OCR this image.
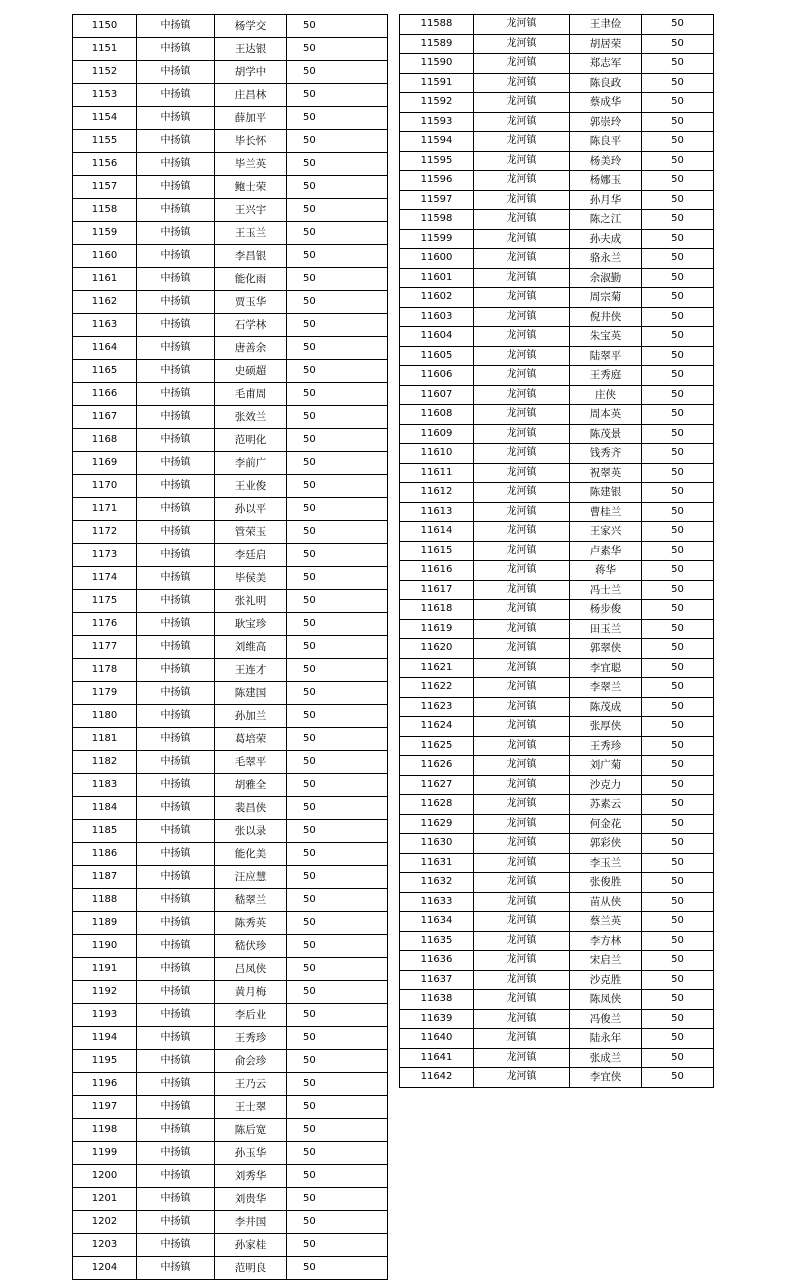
1150	中扬镇	杨学交	50
1151	中扬镇	王达银	50
1152	中扬镇	胡学中	50
1153	中扬镇	庄昌林	50
1154	中扬镇	薛加平	50
1155	中扬镇	毕长怀	50
1156	中扬镇	毕兰英	50
1157	中扬镇	鲍士荣	50
1158	中扬镇	王兴宇	50
1159	中扬镇	王玉兰	50
1160	中扬镇	李昌银	50
1161	中扬镇	能化雨	50
1162	中扬镇	贾玉华	50
1163	中扬镇	石学林	50
1164	中扬镇	唐善余	50
1165	中扬镇	史硕超	50
1166	中扬镇	毛甫周	50
1167	中扬镇	张效兰	50
1168	中扬镇	范明化	50
1169	中扬镇	李前广	50
1170	中扬镇	王业俊	50
1171	中扬镇	孙以平	50
1172	中扬镇	管荣玉	50
1173	中扬镇	李廷启	50
1174	中扬镇	毕侯美	50
1175	中扬镇	张礼明	50
1176	中扬镇	耿宝珍	50
1177	中扬镇	刘维高	50
1178	中扬镇	王连才	50
1179	中扬镇	陈建国	50
1180	中扬镇	孙加兰	50
1181	中扬镇	葛培荣	50
1182	中扬镇	毛翠平	50
1183	中扬镇	胡雅全	50
1184	中扬镇	裴昌侠	50
1185	中扬镇	张以录	50
1186	中扬镇	能化美	50
1187	中扬镇	汪应慧	50
1188	中扬镇	嵇翠兰	50
1189	中扬镇	陈秀英	50
1190	中扬镇	嵇伏珍	50
1191	中扬镇	吕凤侠	50
1192	中扬镇	黄月梅	50
1193	中扬镇	李后业	50
1194	中扬镇	王秀珍	50
1195	中扬镇	俞会珍	50
1196	中扬镇	王乃云	50
1197	中扬镇	王士翠	50
1198	中扬镇	陈后宽	50
1199	中扬镇	孙玉华	50
1200	中扬镇	刘秀华	50
1201	中扬镇	刘贵华	50
1202	中扬镇	李井国	50
1203	中扬镇	孙家桂	50
1204	中扬镇	范明良	50
11588	龙河镇	王聿俭	50
11589	龙河镇	胡居荣	50
11590	龙河镇	郑志军	50
11591	龙河镇	陈良政	50
11592	龙河镇	蔡成华	50
11593	龙河镇	郭崇玲	50
11594	龙河镇	陈良平	50
11595	龙河镇	杨美玲	50
11596	龙河镇	杨娜玉	50
11597	龙河镇	孙月华	50
11598	龙河镇	陈之江	50
11599	龙河镇	孙夫成	50
11600	龙河镇	骆永兰	50
11601	龙河镇	余淑勤	50
11602	龙河镇	周宗菊	50
11603	龙河镇	倪井侠	50
11604	龙河镇	朱宝英	50
11605	龙河镇	陆翠平	50
11606	龙河镇	王秀庭	50
11607	龙河镇	庄侠	50
11608	龙河镇	周本英	50
11609	龙河镇	陈茂景	50
11610	龙河镇	钱秀齐	50
11611	龙河镇	祝翠英	50
11612	龙河镇	陈建银	50
11613	龙河镇	曹桂兰	50
11614	龙河镇	王家兴	50
11615	龙河镇	卢素华	50
11616	龙河镇	蒋华	50
11617	龙河镇	冯士兰	50
11618	龙河镇	杨步俊	50
11619	龙河镇	田玉兰	50
11620	龙河镇	郭翠侠	50
11621	龙河镇	李宜聪	50
11622	龙河镇	李翠兰	50
11623	龙河镇	陈茂成	50
11624	龙河镇	张厚侠	50
11625	龙河镇	王秀珍	50
11626	龙河镇	刘广菊	50
11627	龙河镇	沙克力	50
11628	龙河镇	苏素云	50
11629	龙河镇	何金花	50
11630	龙河镇	郭彩侠	50
11631	龙河镇	李玉兰	50
11632	龙河镇	张俊胜	50
11633	龙河镇	苗从侠	50
11634	龙河镇	蔡兰英	50
11635	龙河镇	李方林	50
11636	龙河镇	宋启兰	50
11637	龙河镇	沙克胜	50
11638	龙河镇	陈凤侠	50
11639	龙河镇	冯俊兰	50
11640	龙河镇	陆永年	50
11641	龙河镇	张成兰	50
11642	龙河镇	李宜侠	50
